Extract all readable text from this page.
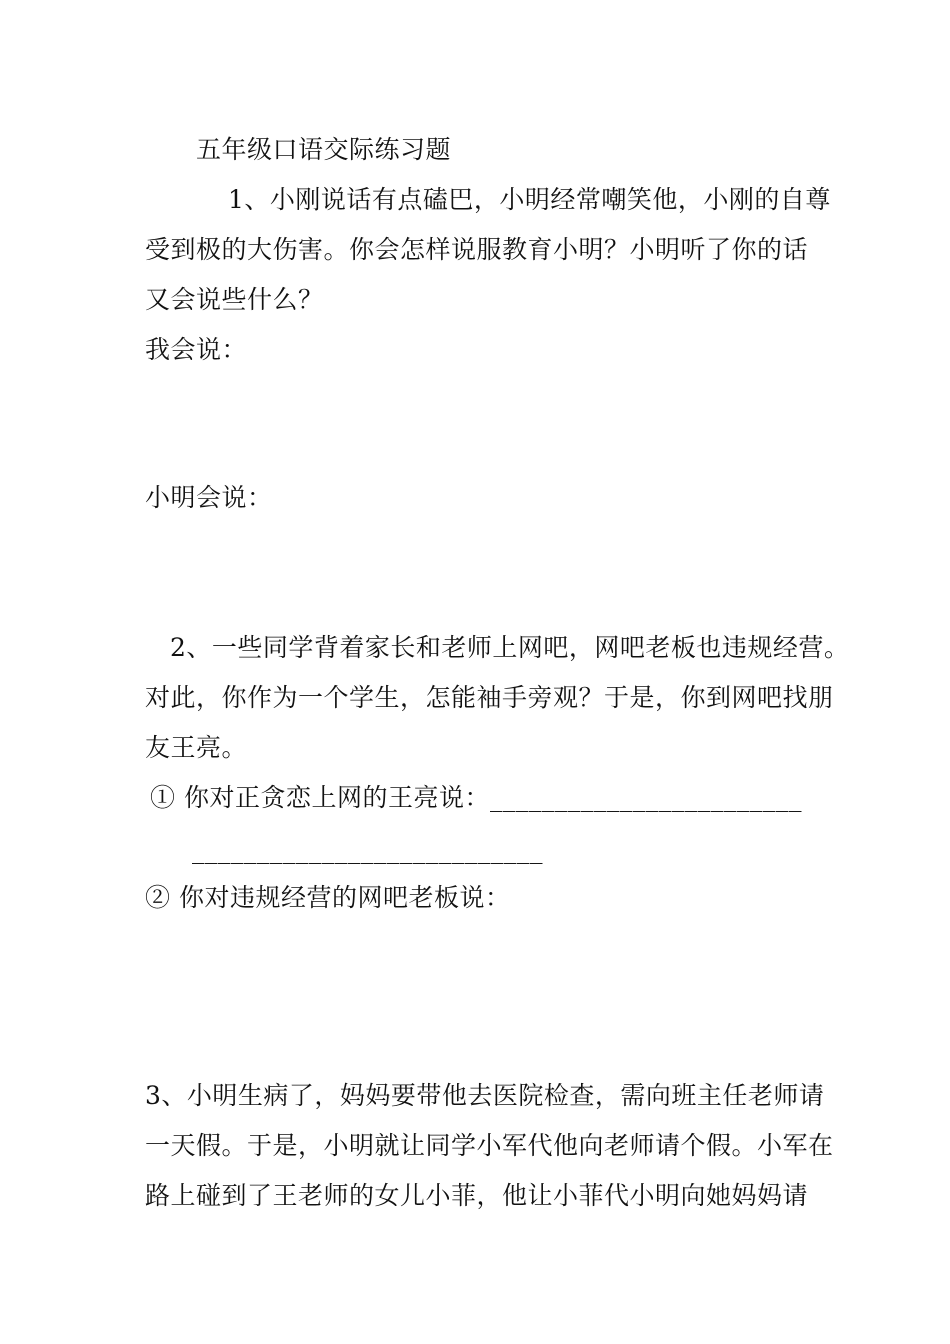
五年级口语交际练习题
1、小刚说话有点磕巴，小明经常嘲笑他，小刚的自尊
受到极的大伤害。你会怎样说服教育小明？小明听了你的话
又会说些什么？
我会说：
小明会说：
2、一些同学背着家长和老师上网吧，网吧老板也违规经营。
对此，你作为一个学生，怎能袖手旁观？于是，你到网吧找朋
友王亮。
① 你对正贪恋上网的王亮说：________________________
___________________________
② 你对违规经营的网吧老板说：
3、小明生病了，妈妈要带他去医院检查，需向班主任老师请
一天假。于是，小明就让同学小军代他向老师请个假。小军在
路上碰到了王老师的女儿小菲，他让小菲代小明向她妈妈请
